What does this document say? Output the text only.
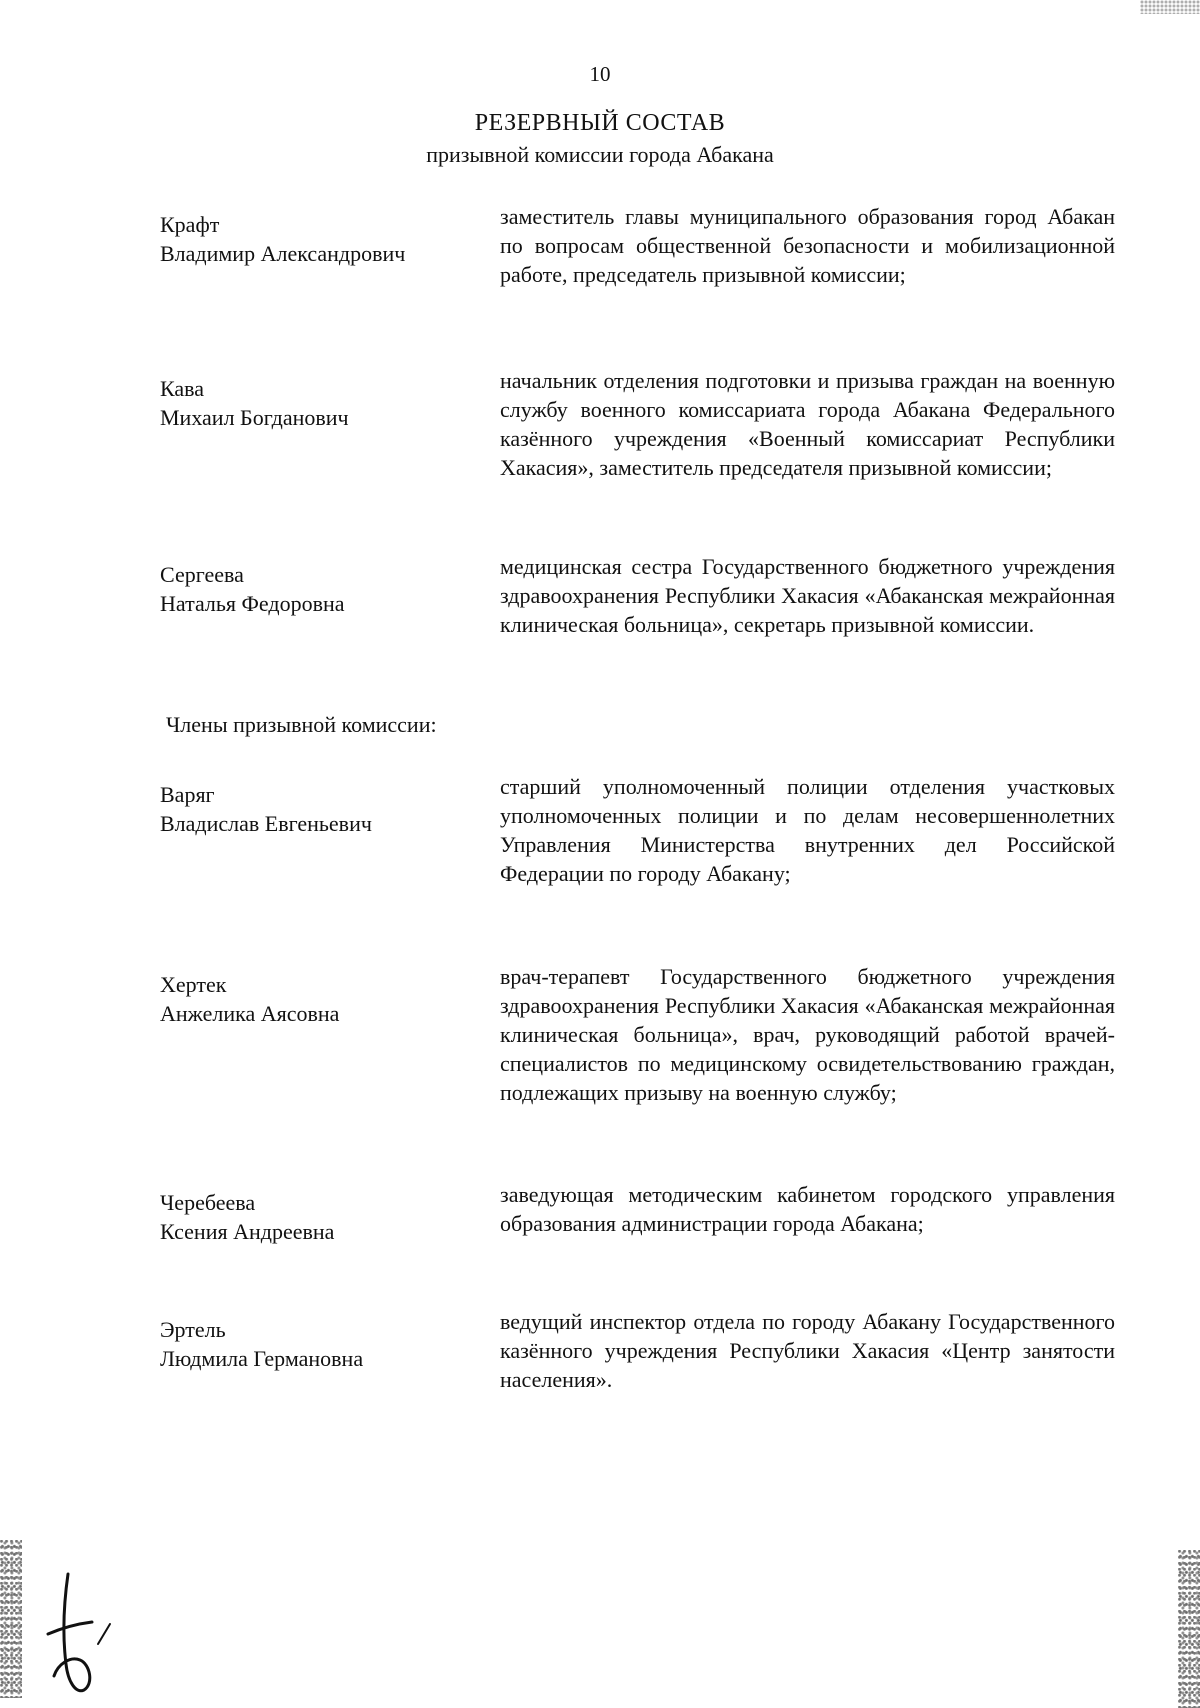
10
РЕЗЕРВНЫЙ СОСТАВ
призывной комиссии города Абакана
Крафт
Владимир Александрович
заместитель главы муниципального образования город Абакан по вопросам общественной безопасности и мобилизационной работе, председатель призывной комиссии;
Кава
Михаил Богданович
начальник отделения подготовки и призыва граждан на военную службу военного комиссариата города Абакана Федерального казённого учреждения «Военный комиссариат Республики Хакасия», заместитель председателя призывной комиссии;
Сергеева
Наталья Федоровна
медицинская сестра Государственного бюджетного учреждения здравоохранения Республики Хакасия «Абаканская межрайонная клиническая больница», секретарь призывной комиссии.
Члены призывной комиссии:
Варяг
Владислав Евгеньевич
старший уполномоченный полиции отделения участковых уполномоченных полиции и по делам несовершеннолетних Управления Министерства внутренних дел Российской Федерации по городу Абакану;
Хертек
Анжелика Аясовна
врач-терапевт Государственного бюджетного учреждения здравоохранения Республики Хакасия «Абаканская межрайонная клиническая больница», врач, руководящий работой врачей-специалистов по медицинскому освидетельствованию граждан, подлежащих призыву на военную службу;
Черебеева
Ксения Андреевна
заведующая методическим кабинетом городского управления образования администрации города Абакана;
Эртель
Людмила Германовна
ведущий инспектор отдела по городу Абакану Государственного казённого учреждения Республики Хакасия «Центр занятости населения».
